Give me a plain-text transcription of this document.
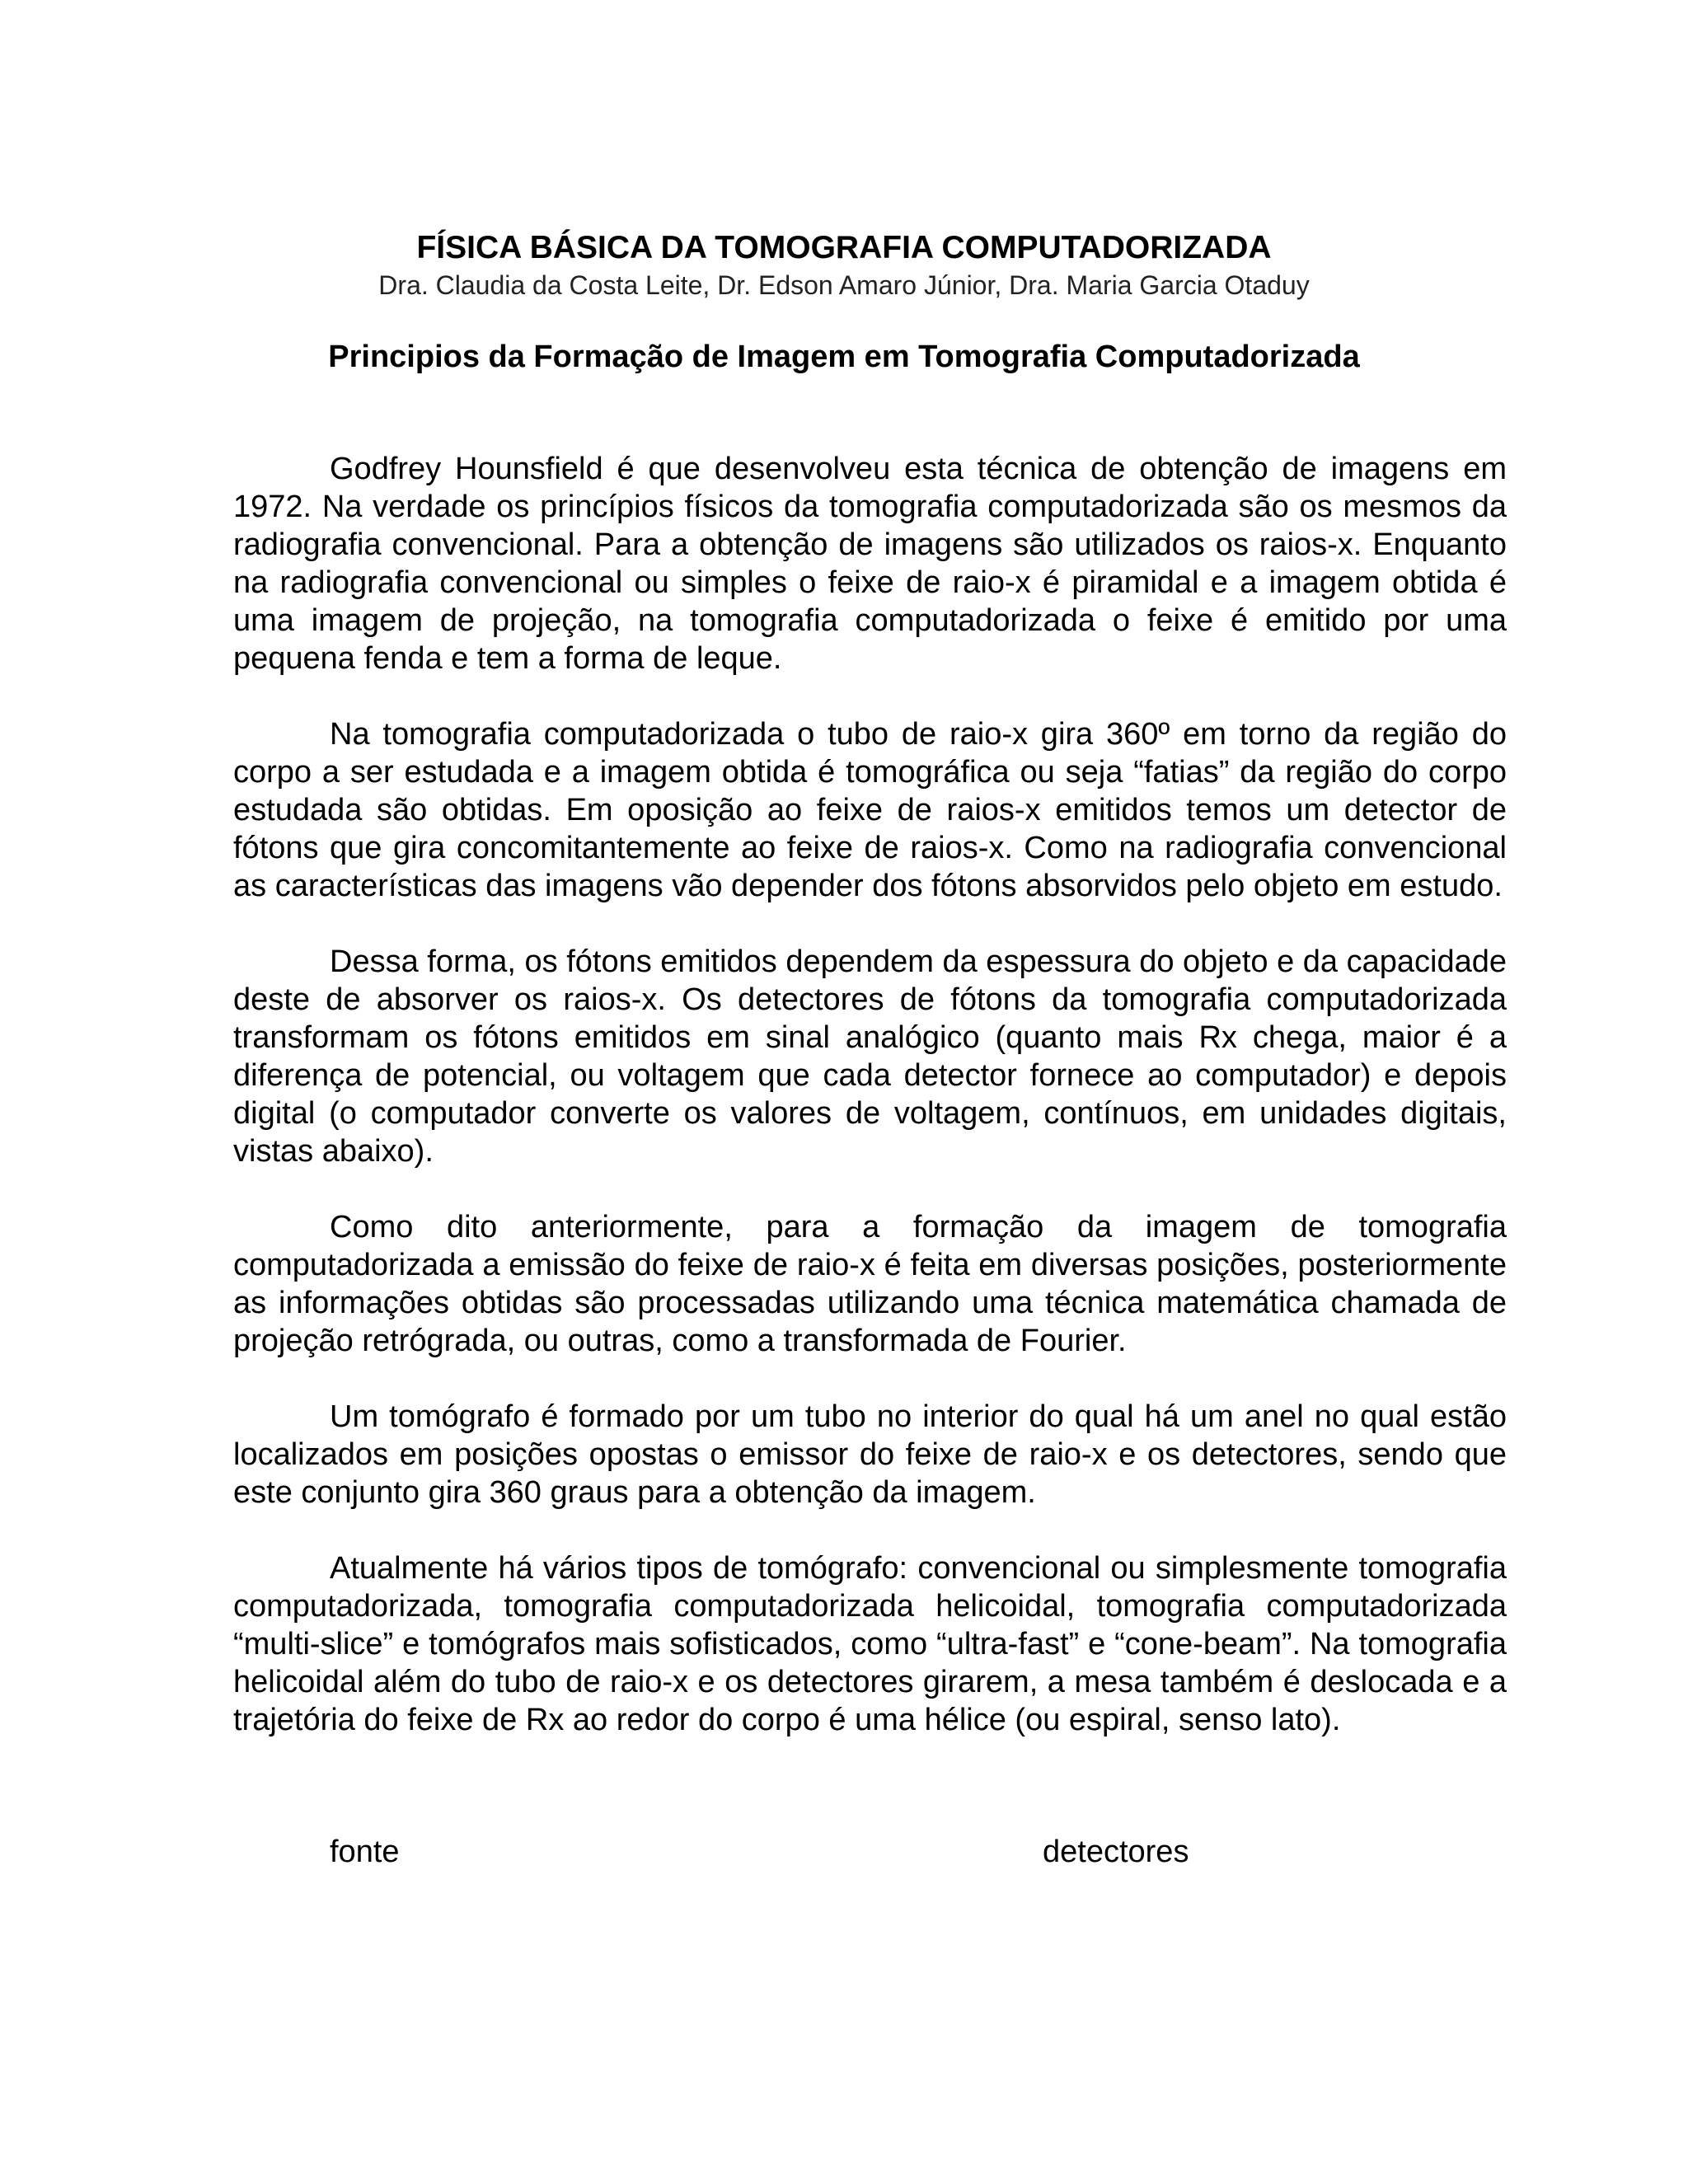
FÍSICA BÁSICA DA TOMOGRAFIA COMPUTADORIZADA
Dra. Claudia da Costa Leite, Dr. Edson Amaro Júnior, Dra. Maria Garcia Otaduy
Principios da Formação de Imagem em Tomografia Computadorizada

Godfrey Hounsfield é que desenvolveu esta técnica de obtenção de imagens em 1972. Na verdade os princípios físicos da tomografia computadorizada são os mesmos da radiografia convencional. Para a obtenção de imagens são utilizados os raios-x. Enquanto na radiografia convencional ou simples o feixe de raio-x é piramidal e a imagem obtida é uma imagem de projeção, na tomografia computadorizada o feixe é emitido por uma pequena fenda e tem a forma de leque.

Na tomografia computadorizada o tubo de raio-x gira 360º em torno da região do corpo a ser estudada e a imagem obtida é tomográfica ou seja “fatias” da região do corpo estudada são obtidas. Em oposição ao feixe de raios-x emitidos temos um detector de fótons que gira concomitantemente ao feixe de raios-x. Como na radiografia convencional as características das imagens vão depender dos fótons absorvidos pelo objeto em estudo.

Dessa forma, os fótons emitidos dependem da espessura do objeto e da capacidade deste de absorver os raios-x. Os detectores de fótons da tomografia computadorizada transformam os fótons emitidos em sinal analógico (quanto mais Rx chega, maior é a diferença de potencial, ou voltagem que cada detector fornece ao computador) e depois digital (o computador converte os valores de voltagem, contínuos, em unidades digitais, vistas abaixo).

Como dito anteriormente, para a formação da imagem de tomografia computadorizada a emissão do feixe de raio-x é feita em diversas posições, posteriormente as informações obtidas são processadas utilizando uma técnica matemática chamada de projeção retrógrada, ou outras, como a transformada de Fourier.

Um tomógrafo é formado por um tubo no interior do qual há um anel no qual estão localizados em posições opostas o emissor do feixe de raio-x e os detectores, sendo que este conjunto gira 360 graus para a obtenção da imagem.

Atualmente há vários tipos de tomógrafo: convencional ou simplesmente tomografia computadorizada, tomografia computadorizada helicoidal, tomografia computadorizada “multi-slice” e tomógrafos mais sofisticados, como “ultra-fast” e “cone-beam”. Na tomografia helicoidal além do tubo de raio-x e os detectores girarem, a mesa também é deslocada e a trajetória do feixe de Rx ao redor do corpo é uma hélice (ou espiral, senso lato).

fonte	detectores
